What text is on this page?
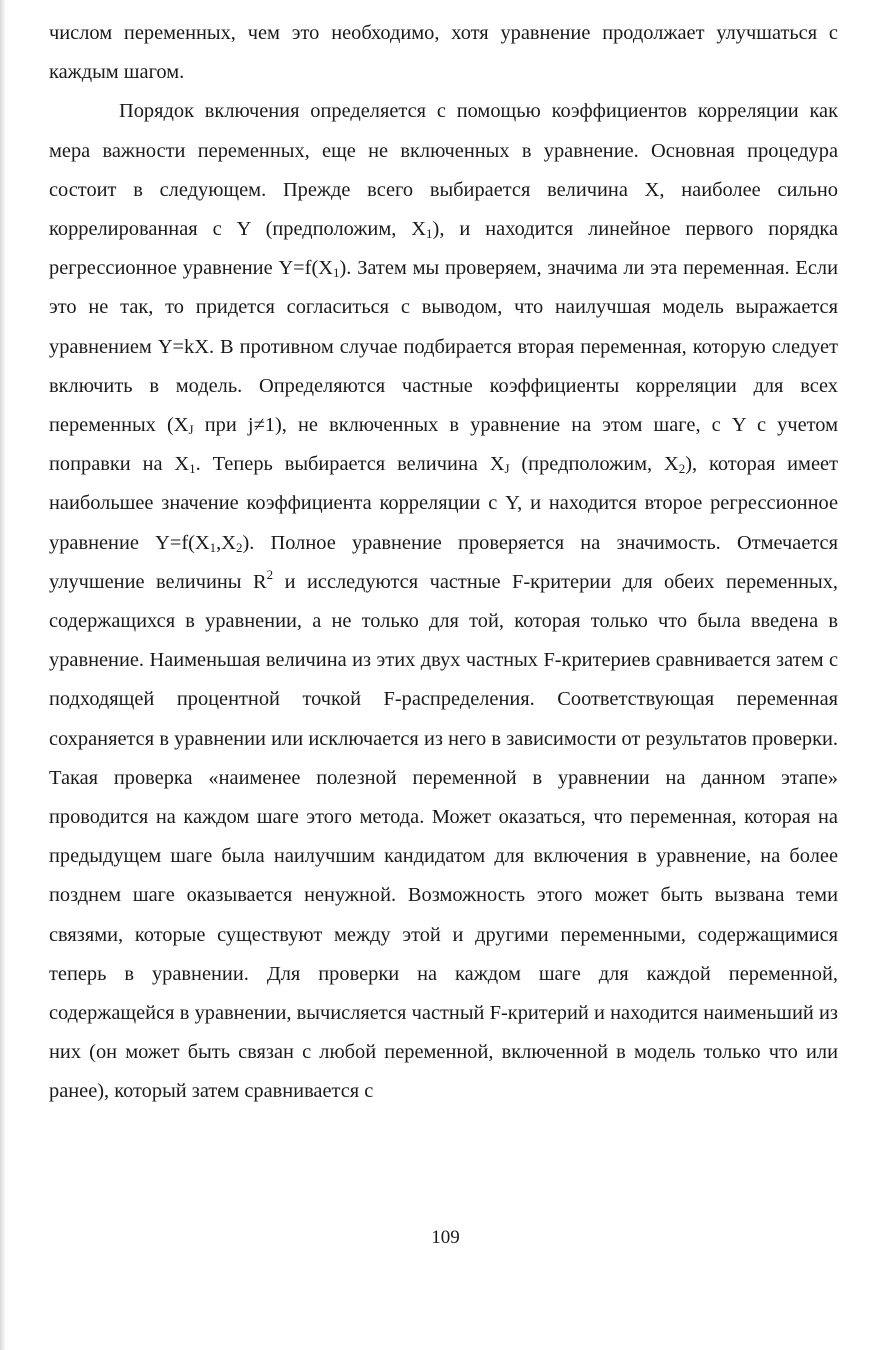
числом переменных, чем это необходимо, хотя уравнение продолжает улучшаться с каждым шагом.

Порядок включения определяется с помощью коэффициентов корреляции как мера важности переменных, еще не включенных в уравнение. Основная процедура состоит в следующем. Прежде всего выбирается величина X, наиболее сильно коррелированная с Y (предположим, $X_1$), и находится линейное первого порядка регрессионное уравнение $Y=f(X_1)$. Затем мы проверяем, значима ли эта переменная. Если это не так, то придется согласиться с выводом, что наилучшая модель выражается уравнением Y=kX. В противном случае подбирается вторая переменная, которую следует включить в модель. Определяются частные коэффициенты корреляции для всех переменных ($X_J$ при j≠1), не включенных в уравнение на этом шаге, с Y с учетом поправки на $X_1$. Теперь выбирается величина $X_J$ (предположим, $X_2$), которая имеет наибольшее значение коэффициента корреляции с Y, и находится второе регрессионное уравнение $Y=f(X_1,X_2)$. Полное уравнение проверяется на значимость. Отмечается улучшение величины $R^2$ и исследуются частные F-критерии для обеих переменных, содержащихся в уравнении, а не только для той, которая только что была введена в уравнение. Наименьшая величина из этих двух частных F-критериев сравнивается затем с подходящей процентной точкой F-распределения. Соответствующая переменная сохраняется в уравнении или исключается из него в зависимости от результатов проверки. Такая проверка «наименее полезной переменной в уравнении на данном этапе» проводится на каждом шаге этого метода. Может оказаться, что переменная, которая на предыдущем шаге была наилучшим кандидатом для включения в уравнение, на более позднем шаге оказывается ненужной. Возможность этого может быть вызвана теми связями, которые существуют между этой и другими переменными, содержащимися теперь в уравнении. Для проверки на каждом шаге для каждой переменной, содержащейся в уравнении, вычисляется частный F-критерий и находится наименьший из них (он может быть связан с любой переменной, включенной в модель только что или ранее), который затем сравнивается с

109
